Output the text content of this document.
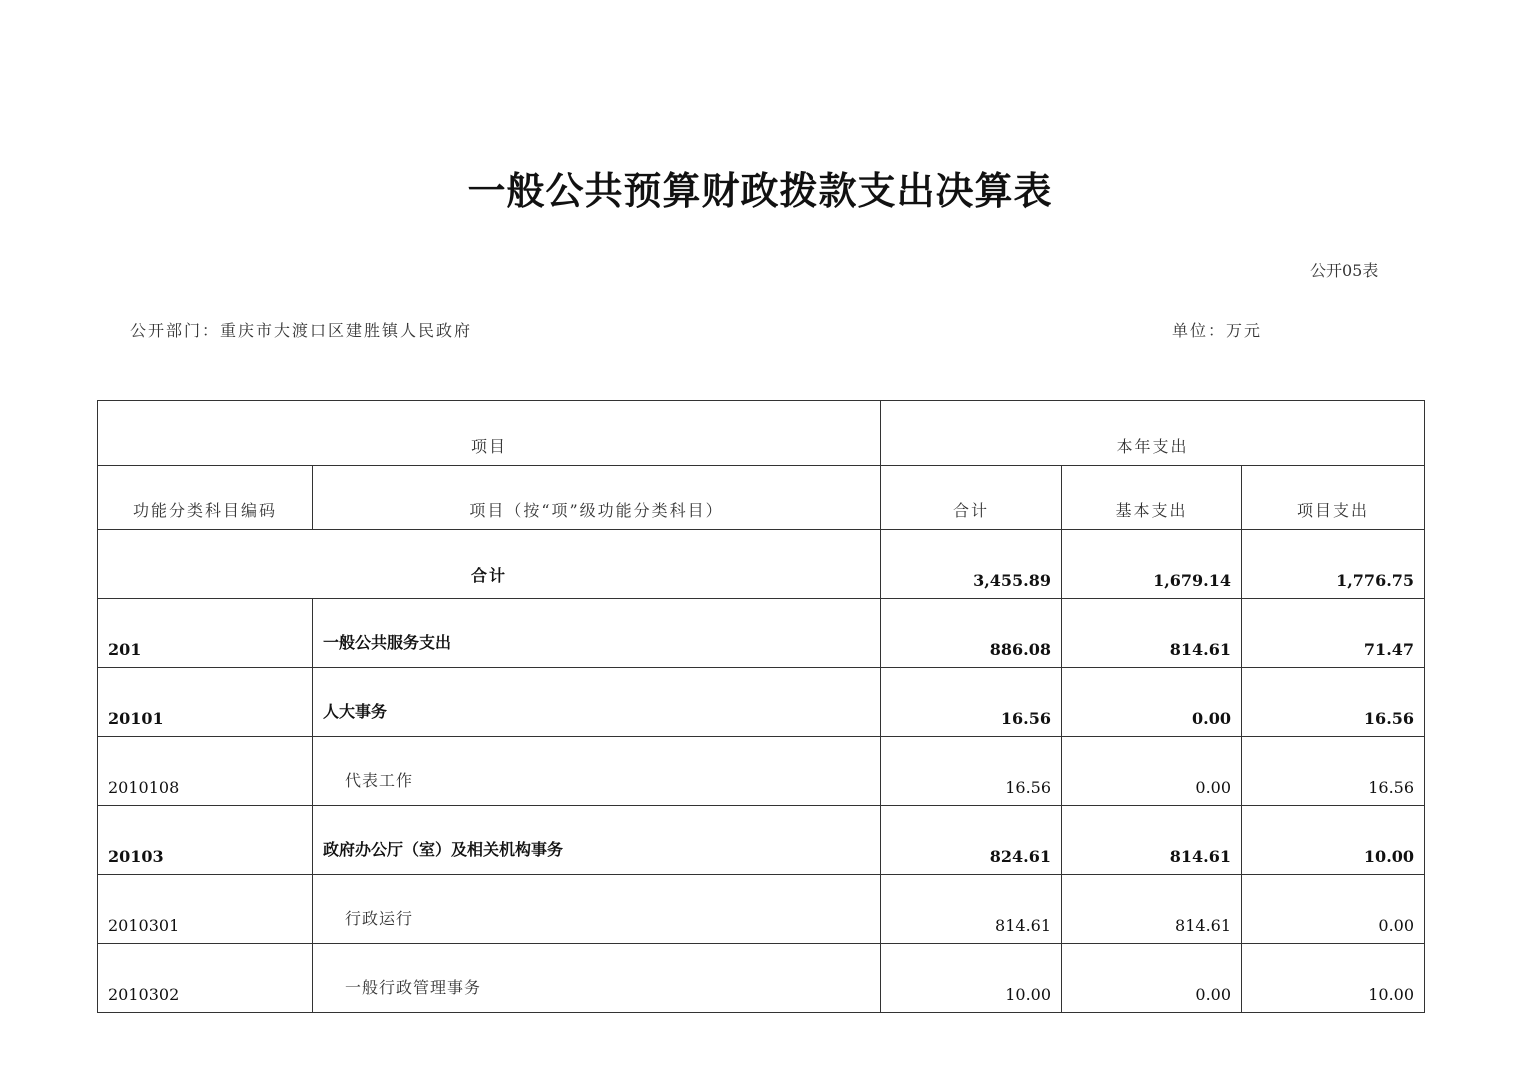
一般公共预算财政拨款支出决算表
公开05表
公开部门：重庆市大渡口区建胜镇人民政府	单位：万元
项目		本年支出		
功能分类科目编码	项目（按“项”级功能分类科目）	合计	基本支出	项目支出
合计		3,455.89	1,679.14	1,776.75
201	一般公共服务支出	886.08	814.61	71.47
20101	人大事务	16.56	0.00	16.56
2010108	代表工作	16.56	0.00	16.56
20103	政府办公厅（室）及相关机构事务	824.61	814.61	10.00
2010301	行政运行	814.61	814.61	0.00
2010302	一般行政管理事务	10.00	0.00	10.00
